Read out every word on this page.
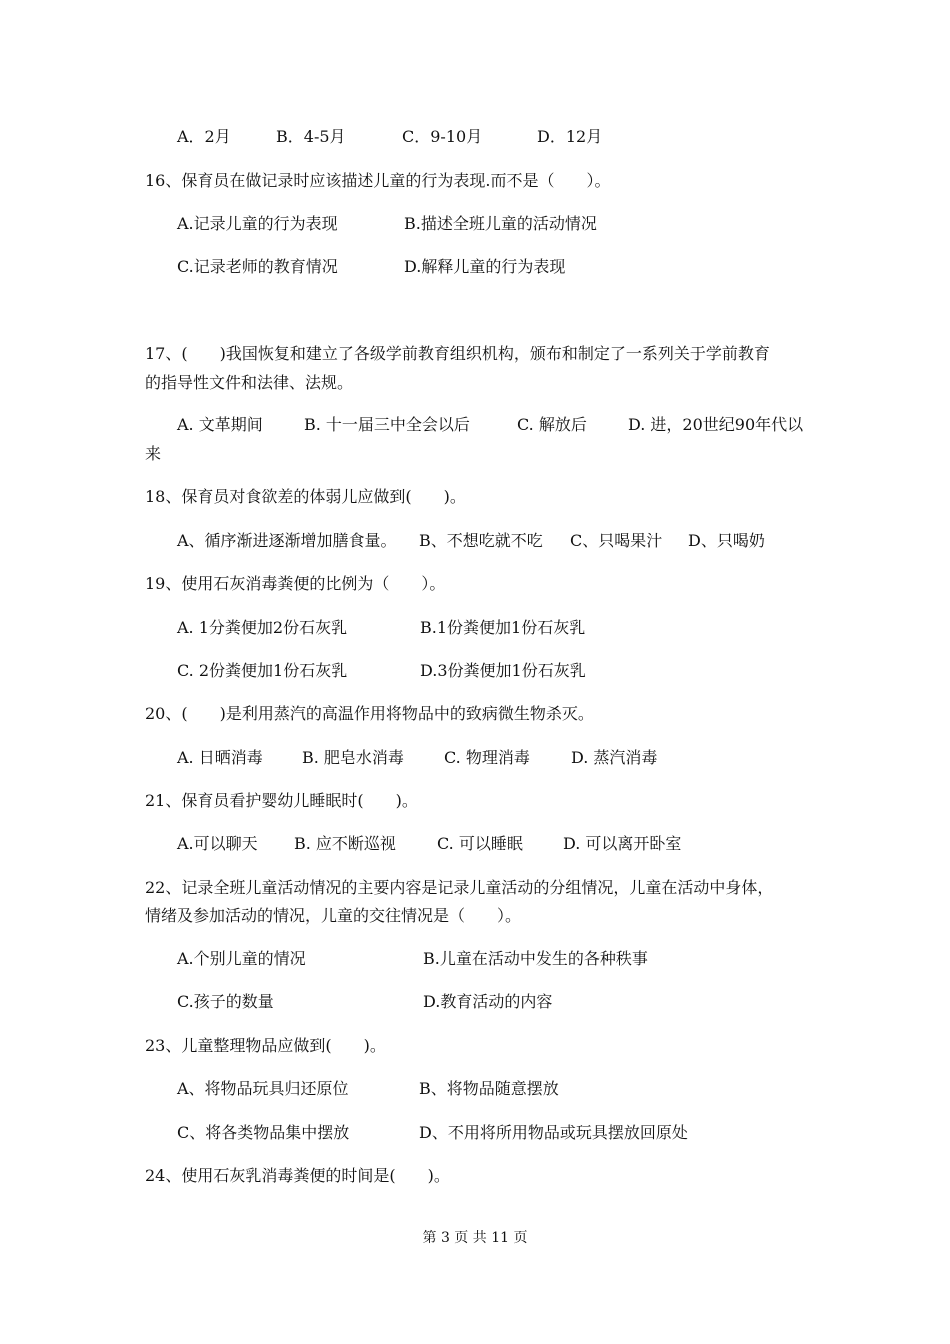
A．2月	B．4-5月	C．9-10月	D．12月
16、保育员在做记录时应该描述儿童的行为表现.而不是（　　）。
A.记录儿童的行为表现	B.描述全班儿童的活动情况
C.记录老师的教育情况	D.解释儿童的行为表现
17、(　　)我国恢复和建立了各级学前教育组织机构，颁布和制定了一系列关于学前教育
的指导性文件和法律、法规。
A. 文革期间	B. 十一届三中全会以后	C. 解放后	D. 进，20世纪90年代以
来
18、保育员对食欲差的体弱儿应做到(　　)。
A、循序渐进逐渐增加膳食量。 B、不想吃就不吃 C、只喝果汁 D、只喝奶
19、使用石灰消毒粪便的比例为（　　）。
A. 1分粪便加2份石灰乳	B.1份粪便加1份石灰乳
C. 2份粪便加1份石灰乳	D.3份粪便加1份石灰乳
20、(　　)是利用蒸汽的高温作用将物品中的致病微生物杀灭。
A. 日晒消毒 B. 肥皂水消毒	C. 物理消毒	D. 蒸汽消毒
21、保育员看护婴幼儿睡眠时(　　)。
A.可以聊天 B. 应不断巡视	C. 可以睡眠	D. 可以离开卧室
22、记录全班儿童活动情况的主要内容是记录儿童活动的分组情况，儿童在活动中身体，
情绪及参加活动的情况，儿童的交往情况是（　　）。
A.个别儿童的情况	B.儿童在活动中发生的各种秩事
C.孩子的数量	D.教育活动的内容
23、儿童整理物品应做到(　　)。
A、将物品玩具归还原位	B、将物品随意摆放
C、将各类物品集中摆放	D、不用将所用物品或玩具摆放回原处
24、使用石灰乳消毒粪便的时间是(　　)。
第 3 页 共 11 页
